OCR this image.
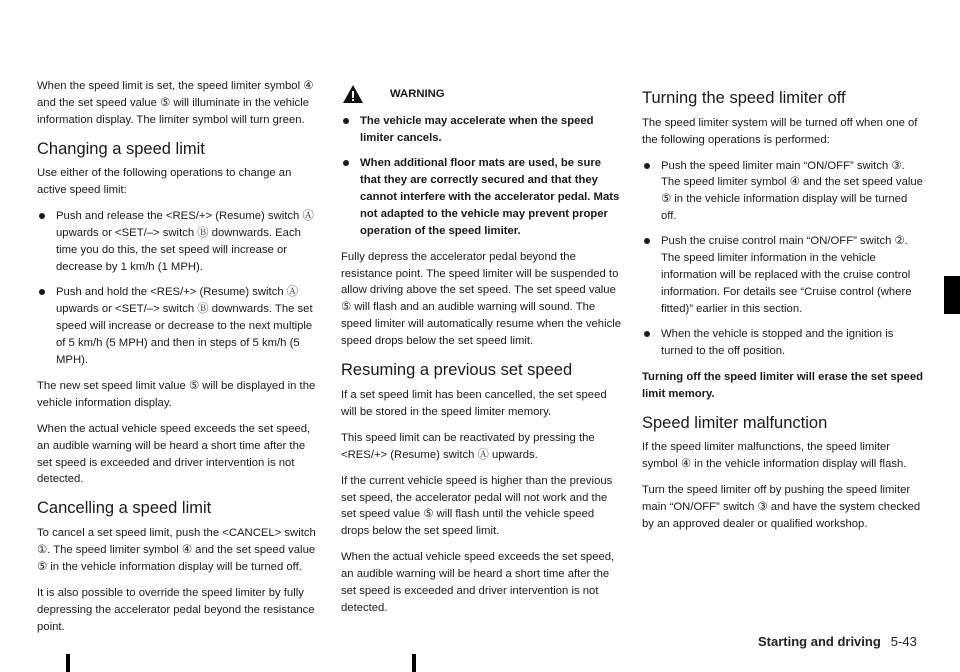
When the speed limit is set, the speed limiter symbol ④ and the set speed value ⑤ will illuminate in the vehicle information display. The limiter symbol will turn green.

Changing a speed limit

Use either of the following operations to change an active speed limit:

Push and release the <RES/+> (Resume) switch Ⓐ upwards or <SET/–> switch Ⓑ downwards. Each time you do this, the set speed will increase or decrease by 1 km/h (1 MPH).
Push and hold the <RES/+> (Resume) switch Ⓐ upwards or <SET/–> switch Ⓑ downwards. The set speed will increase or decrease to the next multiple of 5 km/h (5 MPH) and then in steps of 5 km/h (5 MPH).

The new set speed limit value ⑤ will be displayed in the vehicle information display.

When the actual vehicle speed exceeds the set speed, an audible warning will be heard a short time after the set speed is exceeded and driver intervention is not detected.

Cancelling a speed limit

To cancel a set speed limit, push the <CANCEL> switch ①. The speed limiter symbol ④ and the set speed value ⑤ in the vehicle information display will be turned off.

It is also possible to override the speed limiter by fully depressing the accelerator pedal beyond the resistance point.

WARNING
The vehicle may accelerate when the speed limiter cancels.
When additional floor mats are used, be sure that they are correctly secured and that they cannot interfere with the accelerator pedal. Mats not adapted to the vehicle may prevent proper operation of the speed limiter.

Fully depress the accelerator pedal beyond the resistance point. The speed limiter will be suspended to allow driving above the set speed. The set speed value ⑤ will flash and an audible warning will sound. The speed limiter will automatically resume when the vehicle speed drops below the set speed limit.

Resuming a previous set speed

If a set speed limit has been cancelled, the set speed will be stored in the speed limiter memory.

This speed limit can be reactivated by pressing the <RES/+> (Resume) switch Ⓐ upwards.

If the current vehicle speed is higher than the previous set speed, the accelerator pedal will not work and the set speed value ⑤ will flash until the vehicle speed drops below the set speed limit.

When the actual vehicle speed exceeds the set speed, an audible warning will be heard a short time after the set speed is exceeded and driver intervention is not detected.

Turning the speed limiter off

The speed limiter system will be turned off when one of the following operations is performed:

Push the speed limiter main “ON/OFF” switch ③. The speed limiter symbol ④ and the set speed value ⑤ in the vehicle information display will be turned off.
Push the cruise control main “ON/OFF” switch ②. The speed limiter information in the vehicle information will be replaced with the cruise control information. For details see “Cruise control (where fitted)” earlier in this section.
When the vehicle is stopped and the ignition is turned to the off position.

Turning off the speed limiter will erase the set speed limit memory.

Speed limiter malfunction

If the speed limiter malfunctions, the speed limiter symbol ④ in the vehicle information display will flash.

Turn the speed limiter off by pushing the speed limiter main “ON/OFF” switch ③ and have the system checked by an approved dealer or qualified workshop.

Starting and driving 5-43
